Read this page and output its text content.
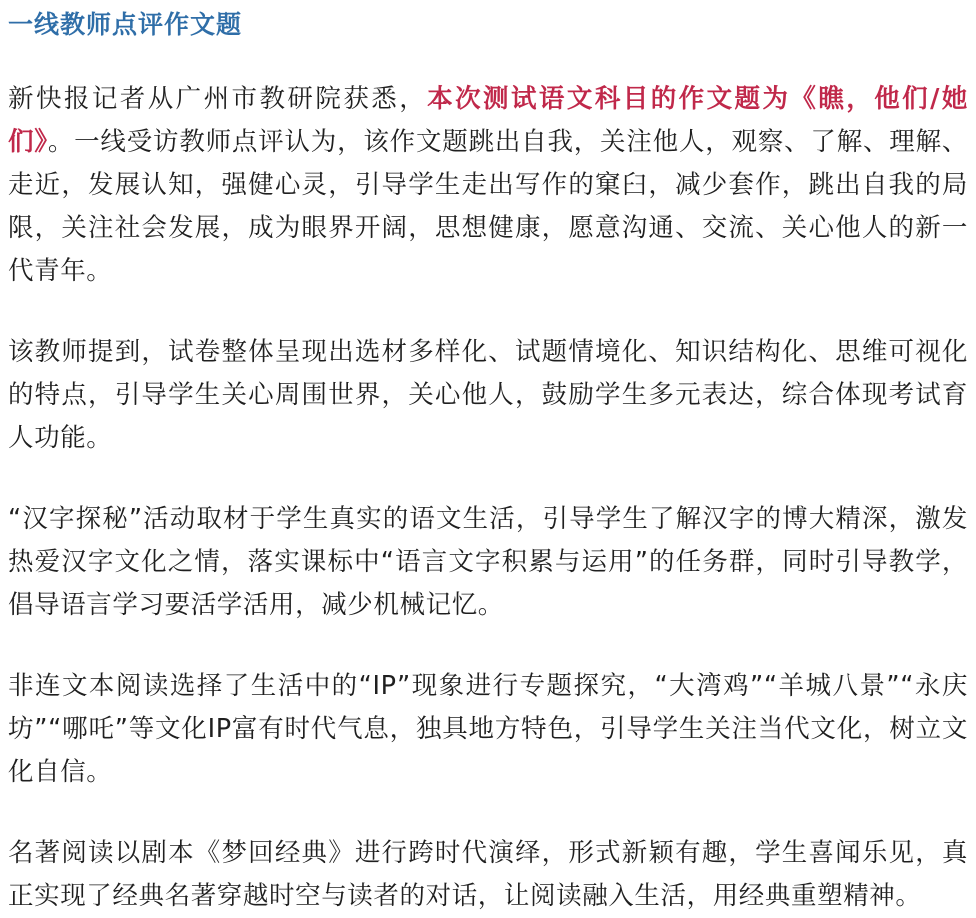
一线教师点评作文题

新快报记者从广州市教研院获悉，本次测试语文科目的作文题为《瞧，他们/她们》。一线受访教师点评认为，该作文题跳出自我，关注他人，观察、了解、理解、走近，发展认知，强健心灵，引导学生走出写作的窠臼，减少套作，跳出自我的局限，关注社会发展，成为眼界开阔，思想健康，愿意沟通、交流、关心他人的新一代青年。

该教师提到，试卷整体呈现出选材多样化、试题情境化、知识结构化、思维可视化的特点，引导学生关心周围世界，关心他人，鼓励学生多元表达，综合体现考试育人功能。

“汉字探秘”活动取材于学生真实的语文生活，引导学生了解汉字的博大精深，激发热爱汉字文化之情，落实课标中“语言文字积累与运用”的任务群，同时引导教学，倡导语言学习要活学活用，减少机械记忆。

非连文本阅读选择了生活中的“IP”现象进行专题探究，“大湾鸡”“羊城八景”“永庆坊”“哪吒”等文化IP富有时代气息，独具地方特色，引导学生关注当代文化，树立文化自信。

名著阅读以剧本《梦回经典》进行跨时代演绎，形式新颖有趣，学生喜闻乐见，真正实现了经典名著穿越时空与读者的对话，让阅读融入生活，用经典重塑精神。
